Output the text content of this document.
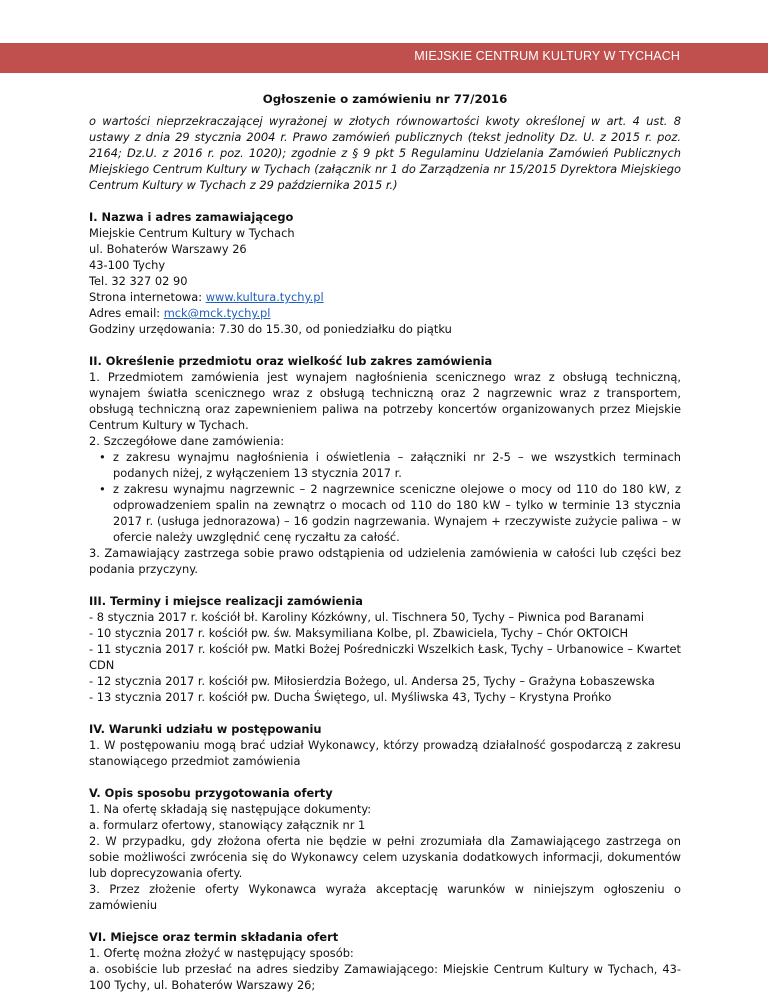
MIEJSKIE CENTRUM KULTURY W TYCHACH

Ogłoszenie o zamówieniu nr 77/2016

o wartości nieprzekraczającej wyrażonej w złotych równowartości kwoty określonej w art. 4 ust. 8 ustawy z dnia 29 stycznia 2004 r. Prawo zamówień publicznych (tekst jednolity Dz. U. z 2015 r. poz. 2164; Dz.U. z 2016 r. poz. 1020); zgodnie z § 9 pkt 5 Regulaminu Udzielania Zamówień Publicznych Miejskiego Centrum Kultury w Tychach (załącznik nr 1 do Zarządzenia nr 15/2015 Dyrektora Miejskiego Centrum Kultury w Tychach z 29 października 2015 r.)

I. Nazwa i adres zamawiającego

Miejskie Centrum Kultury w Tychach

ul. Bohaterów Warszawy 26

43-100 Tychy

Tel. 32 327 02 90

Strona internetowa: www.kultura.tychy.pl

Adres email: mck@mck.tychy.pl

Godziny urzędowania: 7.30 do 15.30, od poniedziałku do piątku

II. Określenie przedmiotu oraz wielkość lub zakres zamówienia

1. Przedmiotem zamówienia jest wynajem nagłośnienia scenicznego wraz z obsługą techniczną, wynajem światła scenicznego wraz z obsługą techniczną oraz 2 nagrzewnic wraz z transportem, obsługą techniczną oraz zapewnieniem paliwa na potrzeby koncertów organizowanych przez Miejskie Centrum Kultury w Tychach.

2. Szczegółowe dane zamówienia:

• z zakresu wynajmu nagłośnienia i oświetlenia – załączniki nr 2-5 – we wszystkich terminach podanych niżej, z wyłączeniem 13 stycznia 2017 r.
• z zakresu wynajmu nagrzewnic – 2 nagrzewnice sceniczne olejowe o mocy od 110 do 180 kW, z odprowadzeniem spalin na zewnątrz o mocach od 110 do 180 kW – tylko w terminie 13 stycznia 2017 r. (usługa jednorazowa) – 16 godzin nagrzewania. Wynajem + rzeczywiste zużycie paliwa – w ofercie należy uwzględnić cenę ryczałtu za całość.

3. Zamawiający zastrzega sobie prawo odstąpienia od udzielenia zamówienia w całości lub części bez podania przyczyny.

III. Terminy i miejsce realizacji zamówienia

- 8 stycznia 2017 r. kościół bł. Karoliny Kózkówny, ul. Tischnera 50, Tychy – Piwnica pod Baranami

- 10 stycznia 2017 r. kościół pw. św. Maksymiliana Kolbe, pl. Zbawiciela, Tychy – Chór OKTOICH

- 11 stycznia 2017 r. kościół pw. Matki Bożej Pośredniczki Wszelkich Łask, Tychy – Urbanowice – Kwartet CDN

- 12 stycznia 2017 r. kościół pw. Miłosierdzia Bożego, ul. Andersa 25, Tychy – Grażyna Łobaszewska

- 13 stycznia 2017 r. kościół pw. Ducha Świętego, ul. Myśliwska 43, Tychy – Krystyna Prońko

IV. Warunki udziału w postępowaniu

1. W postępowaniu mogą brać udział Wykonawcy, którzy prowadzą działalność gospodarczą z zakresu stanowiącego przedmiot zamówienia

V. Opis sposobu przygotowania oferty

1. Na ofertę składają się następujące dokumenty:

a. formularz ofertowy, stanowiący załącznik nr 1

2. W przypadku, gdy złożona oferta nie będzie w pełni zrozumiała dla Zamawiającego zastrzega on sobie możliwości zwrócenia się do Wykonawcy celem uzyskania dodatkowych informacji, dokumentów lub doprecyzowania oferty.

3. Przez złożenie oferty Wykonawca wyraża akceptację warunków w niniejszym ogłoszeniu o zamówieniu

VI. Miejsce oraz termin składania ofert

1. Ofertę można złożyć w następujący sposób:

a. osobiście lub przesłać na adres siedziby Zamawiającego: Miejskie Centrum Kultury w Tychach, 43-100 Tychy, ul. Bohaterów Warszawy 26;
